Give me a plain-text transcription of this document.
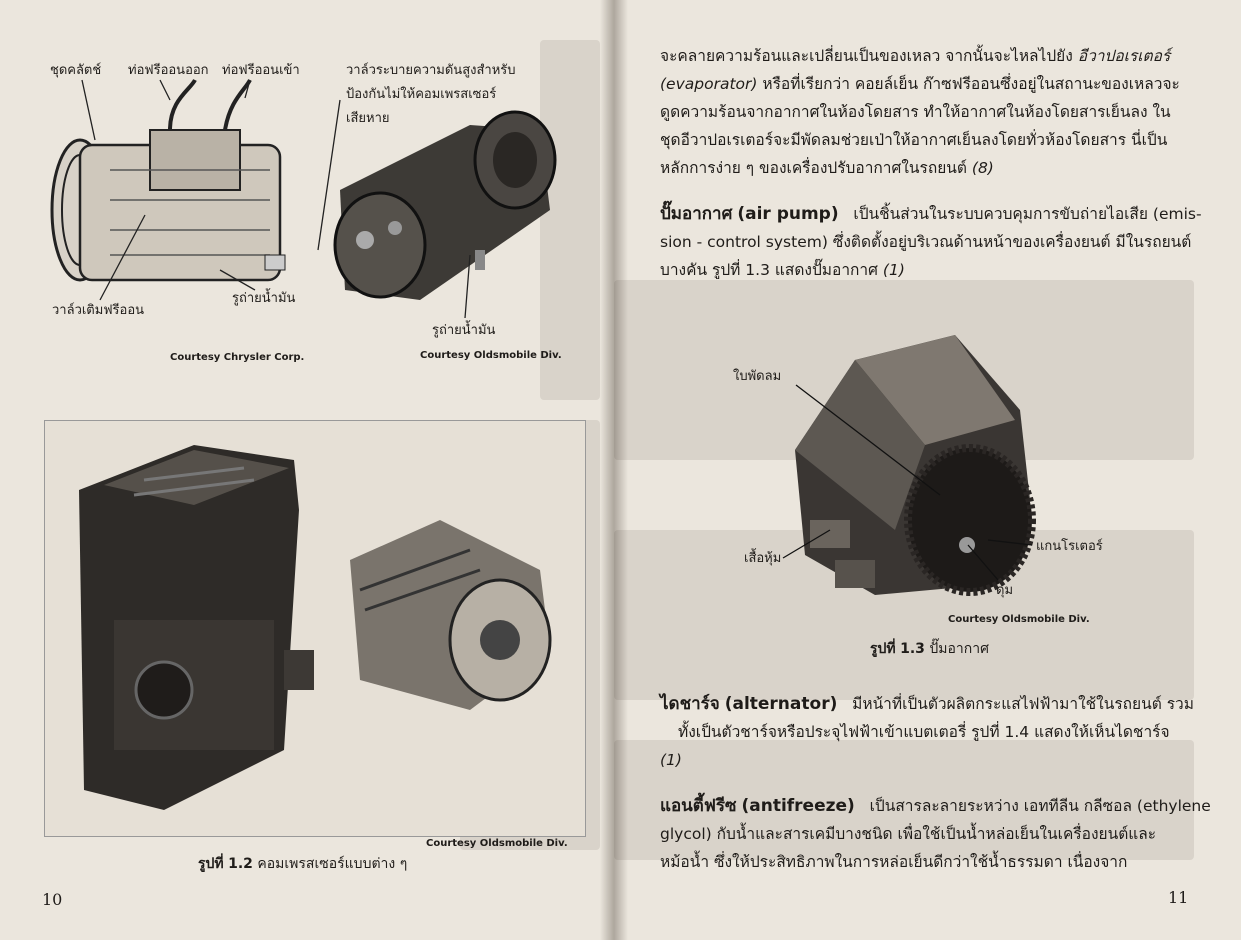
ชุดคลัตช์ ท่อฟรีออนออก ท่อฟรีออนเข้า	วาล์วระบายความดันสูงสำหรับ
ป้องกันไม่ให้คอมเพรสเซอร์
เสียหาย
วาล์วเติมฟรีออน
รูถ่ายน้ำมัน
รูถ่ายน้ำมัน
Courtesy Chrysler Corp.	Courtesy Oldsmobile Div.
Courtesy Oldsmobile Div.
รูปที่ 1.2 คอมเพรสเซอร์แบบต่าง ๆ
10
จะคลายความร้อนและเปลี่ยนเป็นของเหลว จากนั้นจะไหลไปยัง อีวาปอเรเตอร์
(evaporator) หรือที่เรียกว่า คอยล์เย็น ก๊าซฟรีออนซึ่งอยู่ในสถานะของเหลวจะ
ดูดความร้อนจากอากาศในห้องโดยสาร ทำให้อากาศในห้องโดยสารเย็นลง ใน
ชุดอีวาปอเรเตอร์จะมีพัดลมช่วยเป่าให้อากาศเย็นลงโดยทั่วห้องโดยสาร นี่เป็น
หลักการง่าย ๆ ของเครื่องปรับอากาศในรถยนต์ (8)
ปั๊มอากาศ (air pump) เป็นชิ้นส่วนในระบบควบคุมการขับถ่ายไอเสีย (emis-
sion - control system) ซึ่งติดตั้งอยู่บริเวณด้านหน้าของเครื่องยนต์ มีในรถยนต์
บางคัน รูปที่ 1.3 แสดงปั๊มอากาศ (1)
ใบพัดลม
เสื้อหุ้ม
แกนโรเตอร์
ดุม
Courtesy Oldsmobile Div.
รูปที่ 1.3 ปั๊มอากาศ
ไดชาร์จ (alternator) มีหน้าที่เป็นตัวผลิตกระแสไฟฟ้ามาใช้ในรถยนต์ รวม
ทั้งเป็นตัวชาร์จหรือประจุไฟฟ้าเข้าแบตเตอรี่ รูปที่ 1.4 แสดงให้เห็นไดชาร์จ
(1)
แอนตี้ฟรีซ (antifreeze) เป็นสารละลายระหว่าง เอททีลีน กลีซอล (ethylene
glycol) กับน้ำและสารเคมีบางชนิด เพื่อใช้เป็นน้ำหล่อเย็นในเครื่องยนต์และ
หม้อน้ำ ซึ่งให้ประสิทธิภาพในการหล่อเย็นดีกว่าใช้น้ำธรรมดา เนื่องจาก
11
